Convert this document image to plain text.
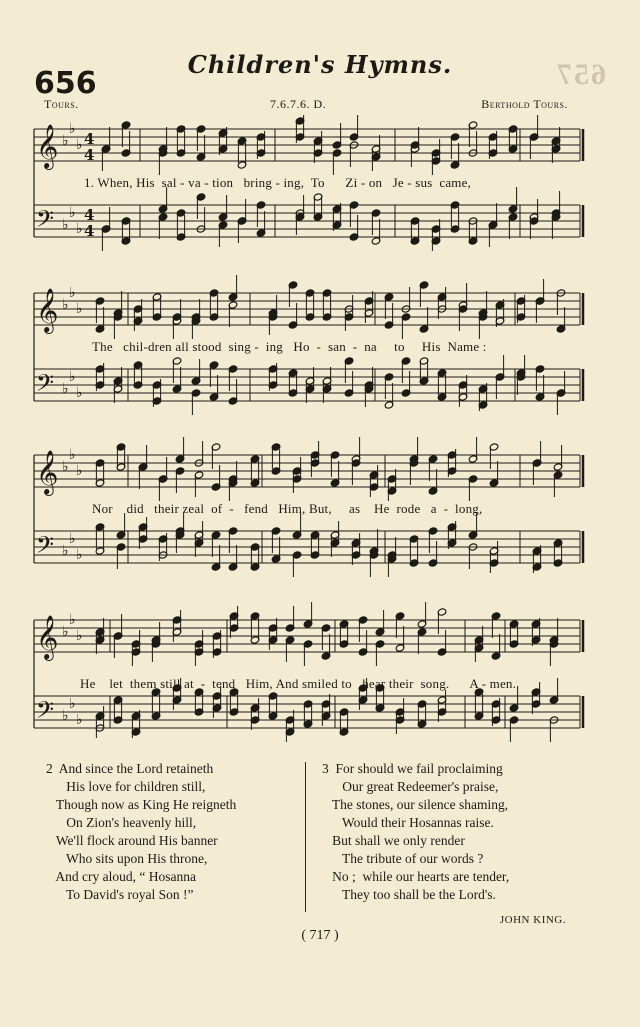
657
Children's Hymns.
656
Tours.	7.6.7.6. D.	Berthold Tours.
𝄞 ♭
♭
♭ 4
4
𝄢 ♭
♭
♭
4
4
𝄞 ♭
♭
♭
𝄢 ♭
♭
♭
𝄞 ♭
♭
♭
𝄢 ♭
♭
♭
𝄞 ♭
♭
♭
𝄢 ♭
♭
♭
1. When, His  sal - va - tion   bring - ing,  To      Zi - on   Je - sus  came,
The   chil-dren all stood  sing -  ing   Ho  -  san  -  na     to     His  Name :
Nor    did   their zeal  of  -   fend   Him, But,     as    He  rode   a  -  long,
He    let  them still at  -  tend   Him, And smiled to   hear their  song.      A - men.
2  And since the Lord retaineth
His love for children still,
Though now as King He reigneth
On Zion's heavenly hill,
We'll flock around His banner
Who sits upon His throne,
And cry aloud, “ Hosanna
To David's royal Son !”
3  For should we fail proclaiming
Our great Redeemer's praise,
The stones, our silence shaming,
Would their Hosannas raise.
But shall we only render
The tribute of our words ?
No ;  while our hearts are tender,
They too shall be the Lord's.
JOHN KING.
( 717 )
